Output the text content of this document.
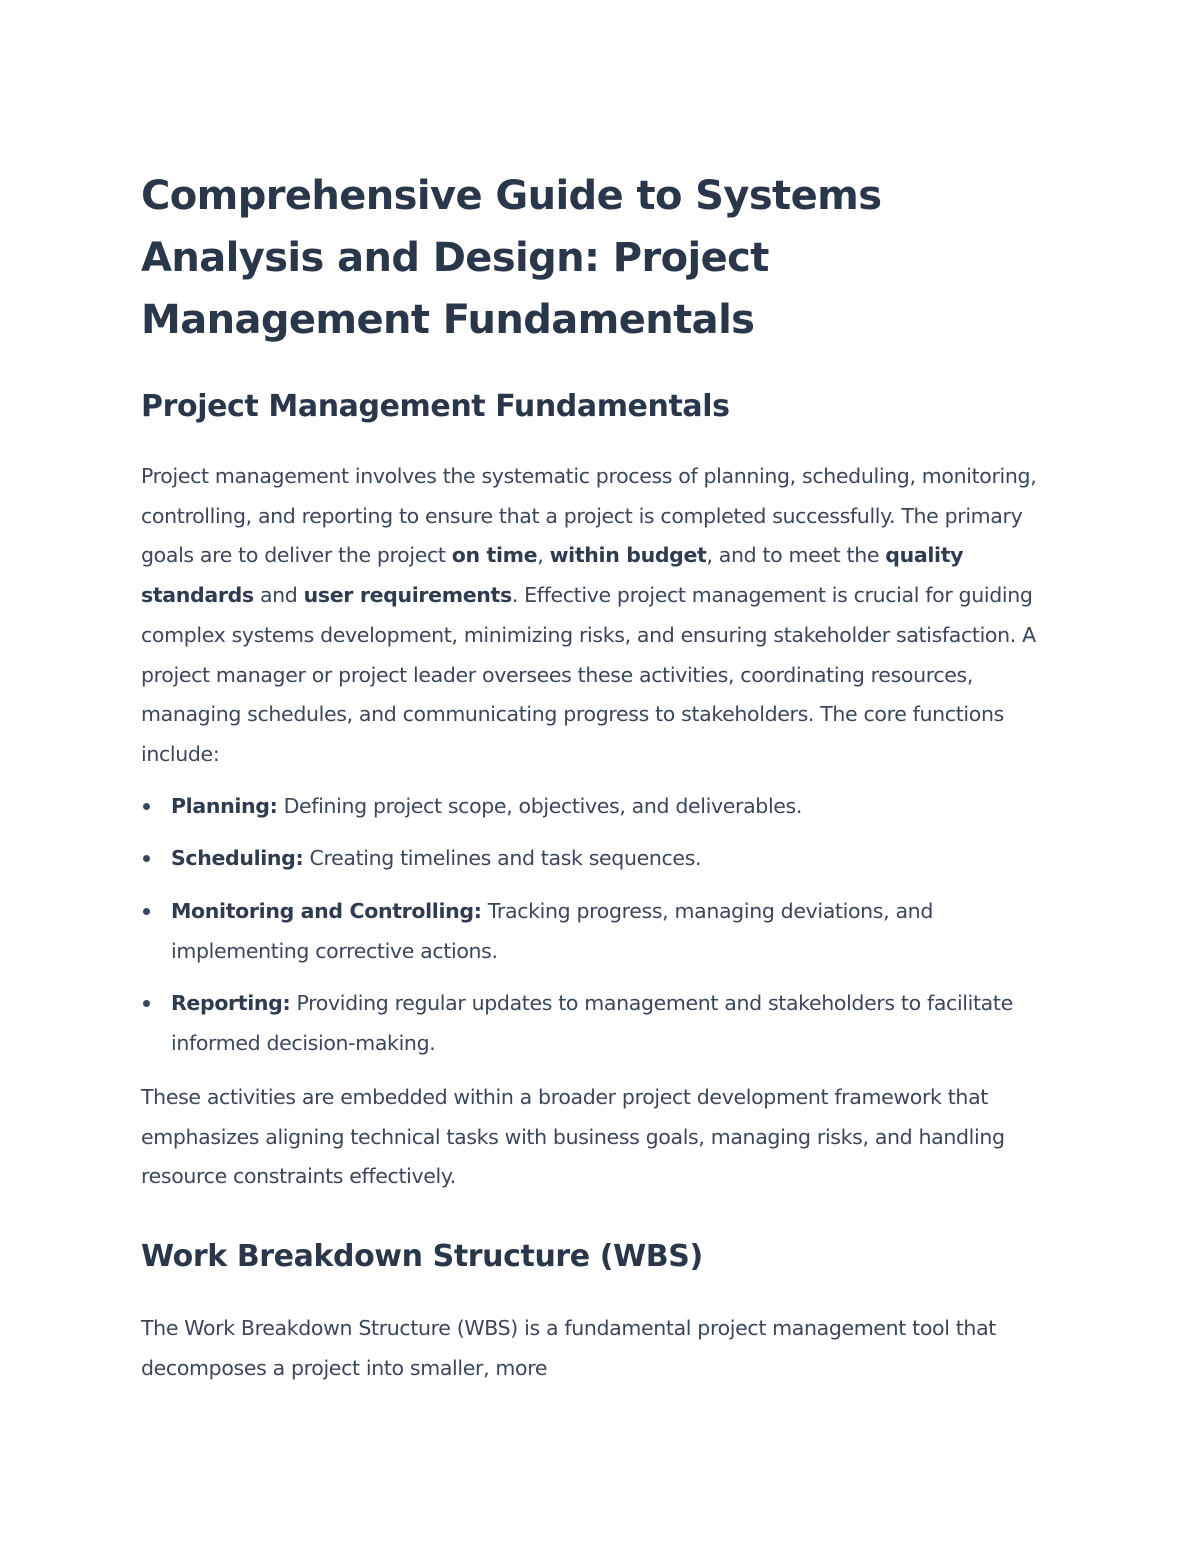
Comprehensive Guide to Systems Analysis and Design: Project Management Fundamentals
Project Management Fundamentals

Project management involves the systematic process of planning, scheduling, monitoring, controlling, and reporting to ensure that a project is completed successfully. The primary goals are to deliver the project on time, within budget, and to meet the quality standards and user requirements. Effective project management is crucial for guiding complex systems development, minimizing risks, and ensuring stakeholder satisfaction. A project manager or project leader oversees these activities, coordinating resources, managing schedules, and communicating progress to stakeholders. The core functions include:

Planning: Defining project scope, objectives, and deliverables.
Scheduling: Creating timelines and task sequences.
Monitoring and Controlling: Tracking progress, managing deviations, and implementing corrective actions.
Reporting: Providing regular updates to management and stakeholders to facilitate informed decision-making.

These activities are embedded within a broader project development framework that emphasizes aligning technical tasks with business goals, managing risks, and handling resource constraints effectively.

Work Breakdown Structure (WBS)

The Work Breakdown Structure (WBS) is a fundamental project management tool that decomposes a project into smaller, more
